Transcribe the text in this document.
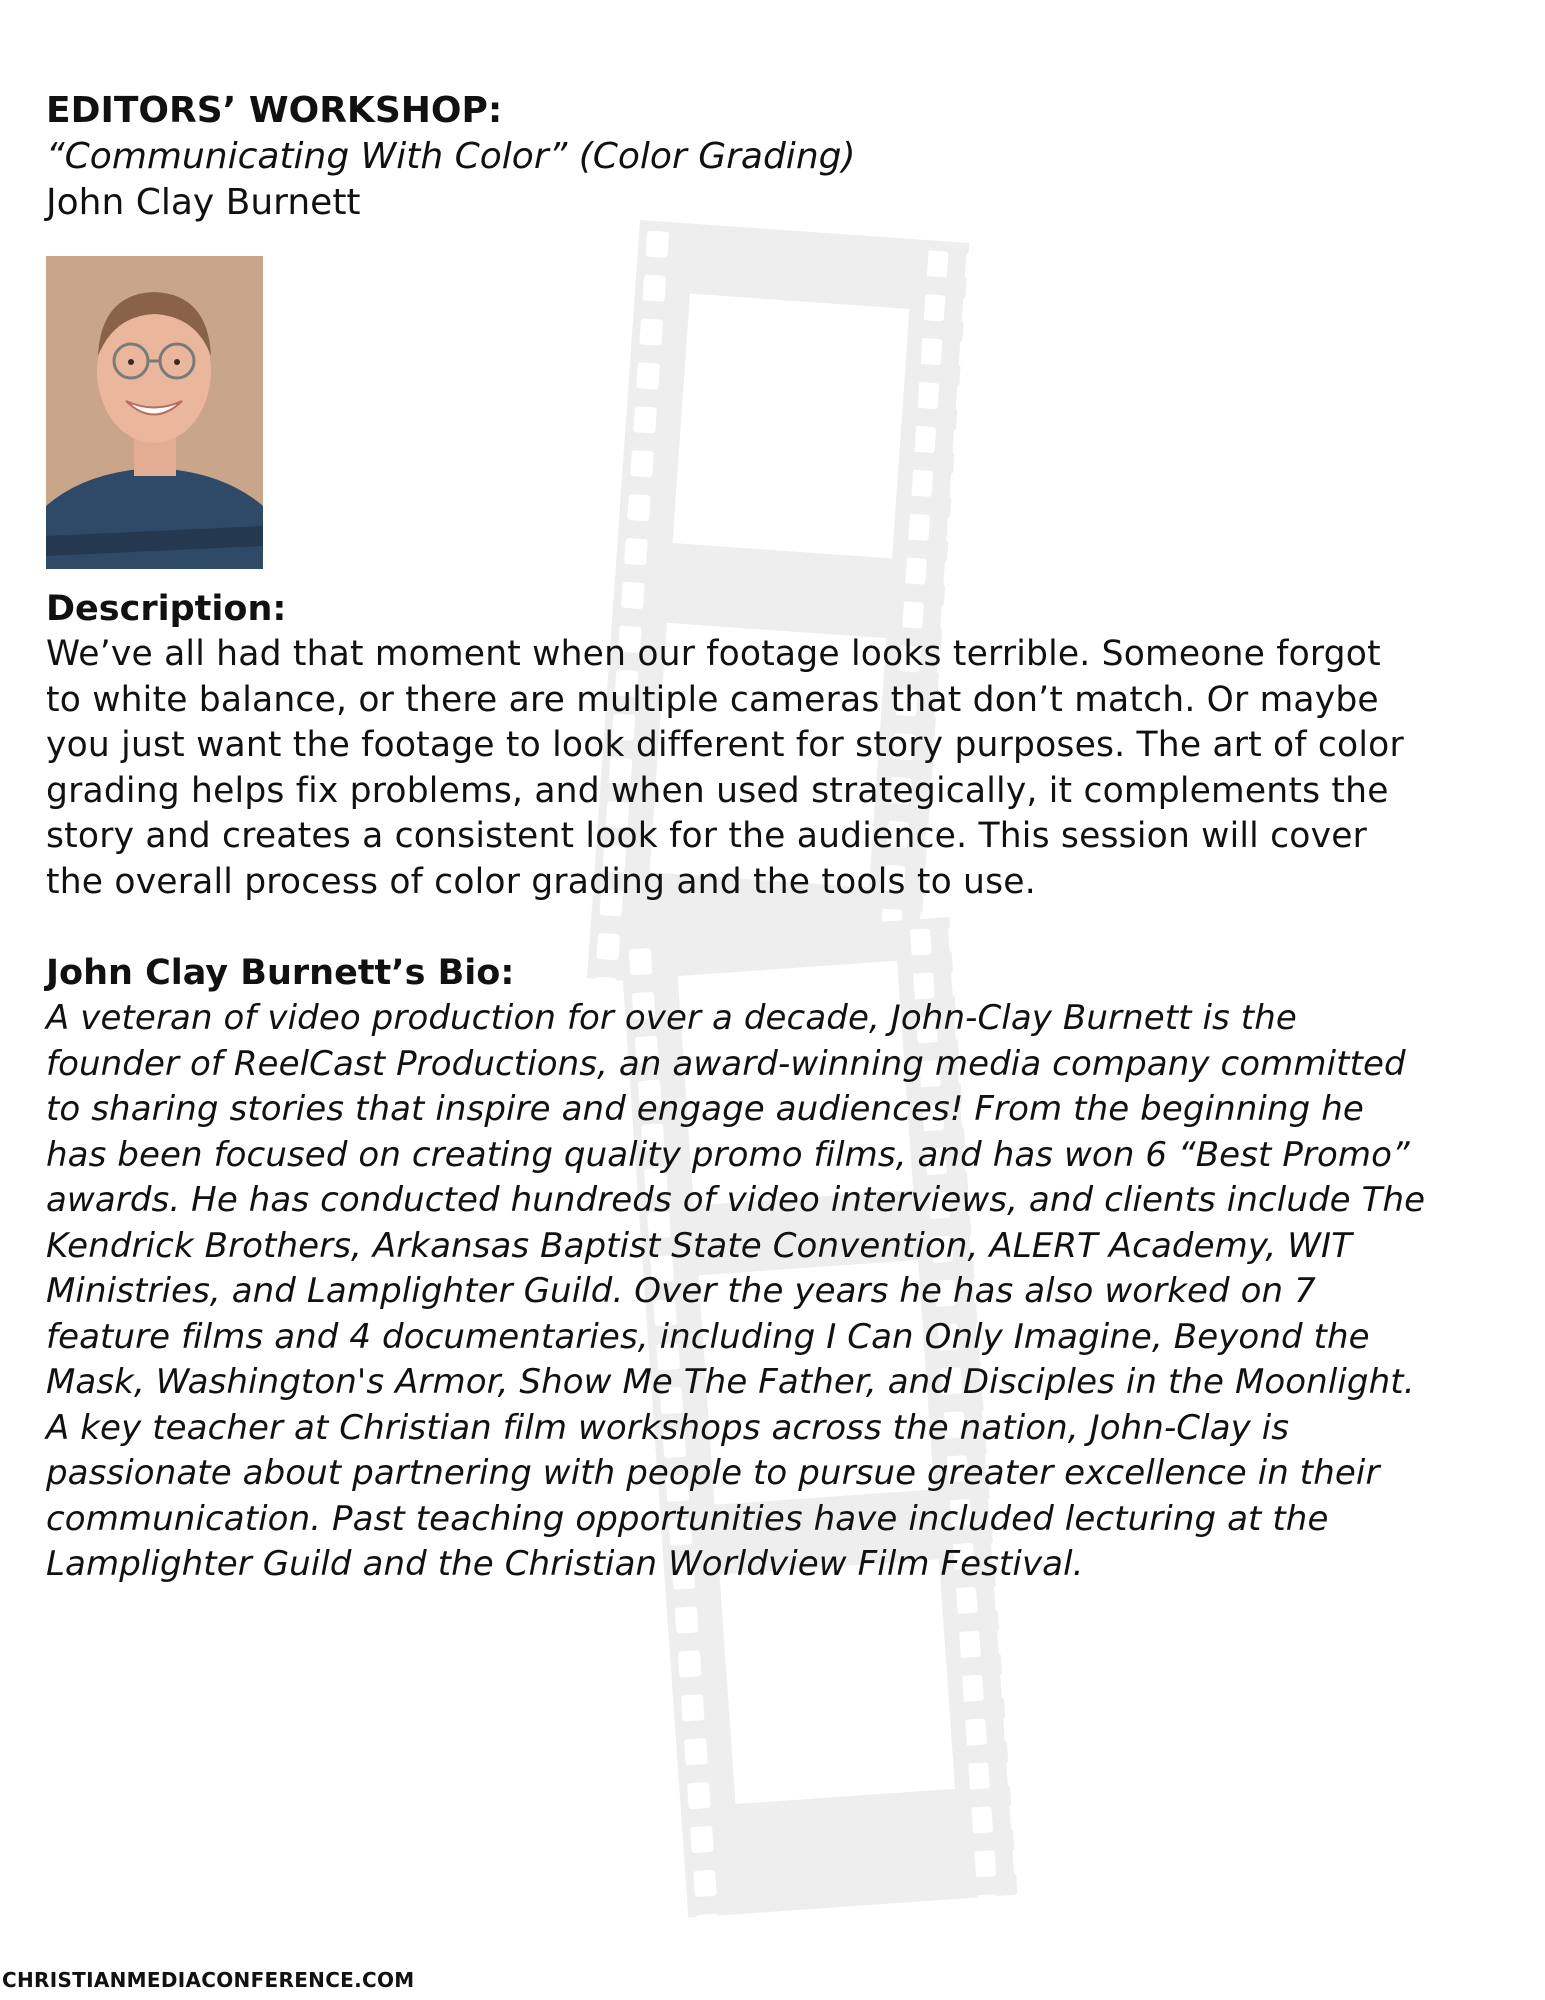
EDITORS’ WORKSHOP:

“Communicating With Color” (Color Grading)

John Clay Burnett

Description:

We’ve all had that moment when our footage looks terrible. Someone forgot to white balance, or there are multiple cameras that don’t match. Or maybe you just want the footage to look different for story purposes. The art of color grading helps fix problems, and when used strategically, it complements the story and creates a consistent look for the audience. This session will cover the overall process of color grading and the tools to use.

John Clay Burnett’s Bio:

A veteran of video production for over a decade, John-Clay Burnett is the founder of ReelCast Productions, an award-winning media company committed to sharing stories that inspire and engage audiences! From the beginning he has been focused on creating quality promo films, and has won 6 “Best Promo” awards. He has conducted hundreds of video interviews, and clients include The Kendrick Brothers, Arkansas Baptist State Convention, ALERT Academy, WIT Ministries, and Lamplighter Guild. Over the years he has also worked on 7 feature films and 4 documentaries, including I Can Only Imagine, Beyond the Mask, Washington's Armor, Show Me The Father, and Disciples in the Moonlight. A key teacher at Christian film workshops across the nation, John-Clay is passionate about partnering with people to pursue greater excellence in their communication. Past teaching opportunities have included lecturing at the Lamplighter Guild and the Christian Worldview Film Festival.

CHRISTIANMEDIACONFERENCE.COM
